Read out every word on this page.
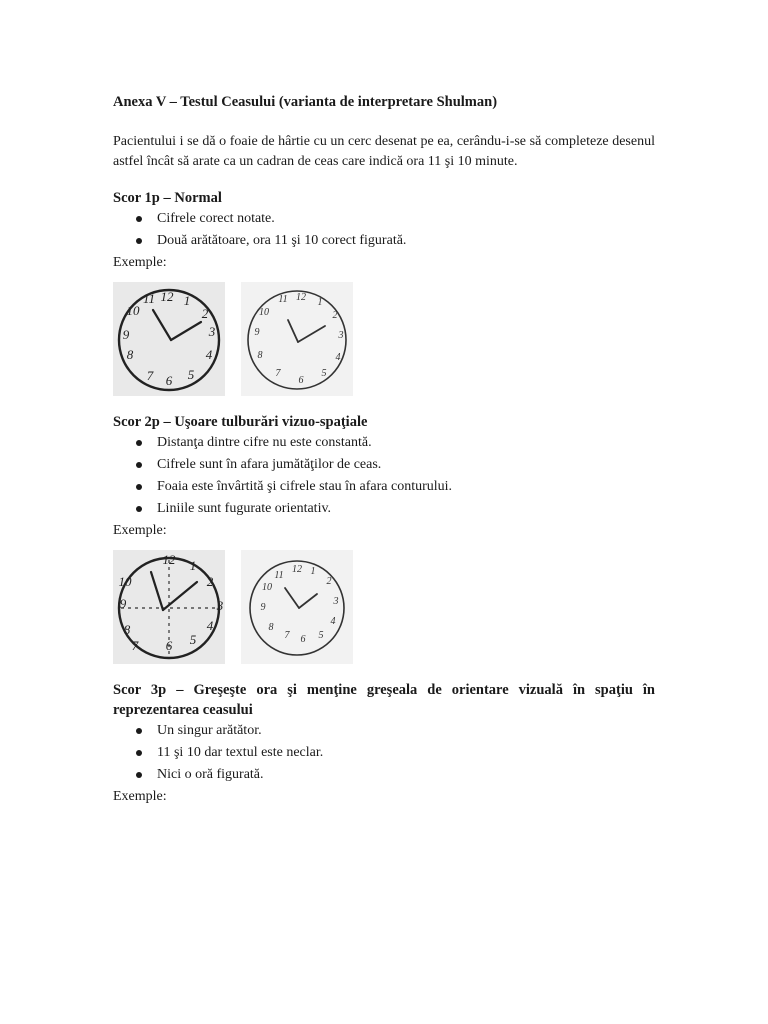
Anexa V – Testul Ceasului (varianta de interpretare Shulman)

Pacientului i se dă o foaie de hârtie cu un cerc desenat pe ea, cerându-i-se să completeze desenul astfel încât să arate ca un cadran de ceas care indică ora 11 şi 10 minute.

Scor 1p – Normal
Cifrele corect notate.
Două arătătoare, ora 11 şi 10 corect figurată.
Exemple:
12
11
10	2
3
9
8
7 6 5
4
1	12
11	1
10	2
9	3
8	4
7
6
5
Scor 2p – Uşoare tulburări vizuo-spaţiale
Distanţa dintre cifre nu este constantă.
Cifrele sunt în afara jumătăţilor de ceas.
Foaia este învârtită şi cifrele stau în afara conturului.
Liniile sunt fugurate orientativ.
Exemple:
12 1
2
3
10
9
8
7 6 5
4
12 1
11
2
10
3
9
8
7 6 5
4
Scor 3p – Greşeşte ora şi menţine greşeala de orientare vizuală în spaţiu în reprezentarea ceasului
Un singur arătător.
11 şi 10 dar textul este neclar.
Nici o oră figurată.
Exemple:
